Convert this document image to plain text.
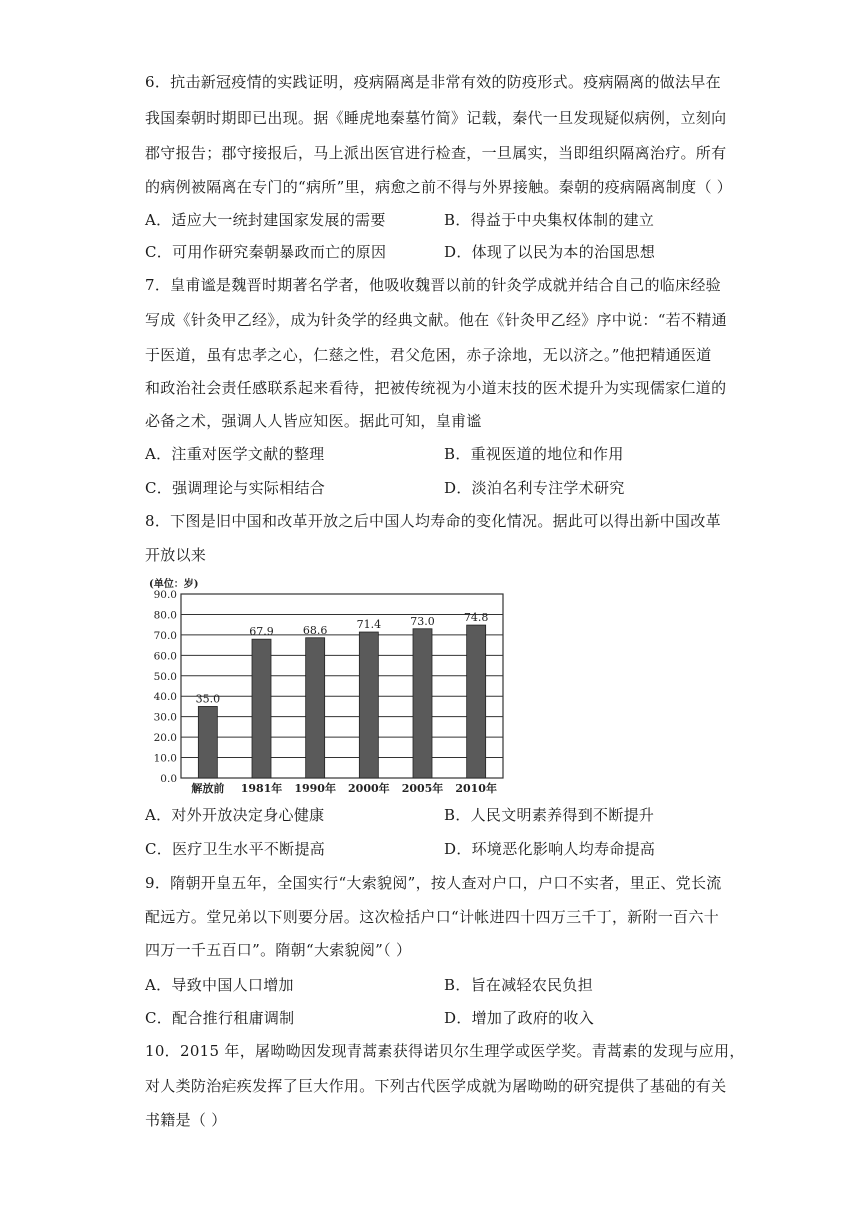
6．抗击新冠疫情的实践证明，疫病隔离是非常有效的防疫形式。疫病隔离的做法早在
我国秦朝时期即已出现。据《睡虎地秦墓竹简》记载，秦代一旦发现疑似病例，立刻向
郡守报告；郡守接报后，马上派出医官进行检查，一旦属实，当即组织隔离治疗。所有
的病例被隔离在专门的“病所”里，病愈之前不得与外界接触。秦朝的疫病隔离制度（ ）
A．适应大一统封建国家发展的需要	B．得益于中央集权体制的建立
C．可用作研究秦朝暴政而亡的原因	D．体现了以民为本的治国思想
7．皇甫谧是魏晋时期著名学者，他吸收魏晋以前的针灸学成就并结合自己的临床经验
写成《针灸甲乙经》，成为针灸学的经典文献。他在《针灸甲乙经》序中说：“若不精通
于医道，虽有忠孝之心，仁慈之性，君父危困，赤子涂地，无以济之。”他把精通医道
和政治社会责任感联系起来看待，把被传统视为小道末技的医术提升为实现儒家仁道的
必备之术，强调人人皆应知医。据此可知，皇甫谧
A．注重对医学文献的整理	B．重视医道的地位和作用
C．强调理论与实际相结合	D．淡泊名利专注学术研究
8．下图是旧中国和改革开放之后中国人均寿命的变化情况。据此可以得出新中国改革
开放以来
(单位：岁)
0.0
10.0
20.0
30.0
40.0
50.0
60.0
70.0
80.0
90.0
35.0
解放前
67.9
1981年
68.6
1990年
71.4
2000年
73.0
2005年
74.8
2010年
A．对外开放决定身心健康	B．人民文明素养得到不断提升
C．医疗卫生水平不断提高	D．环境恶化影响人均寿命提高
9．隋朝开皇五年，全国实行“大索貌阅”，按人查对户口，户口不实者，里正、党长流
配远方。堂兄弟以下则要分居。这次检括户口“计帐进四十四万三千丁，新附一百六十
四万一千五百口”。隋朝“大索貌阅”（ ）
A．导致中国人口增加	B．旨在减轻农民负担
C．配合推行租庸调制	D．增加了政府的收入
10．2015 年，屠呦呦因发现青蒿素获得诺贝尔生理学或医学奖。青蒿素的发现与应用，
对人类防治疟疾发挥了巨大作用。下列古代医学成就为屠呦呦的研究提供了基础的有关
书籍是（ ）
